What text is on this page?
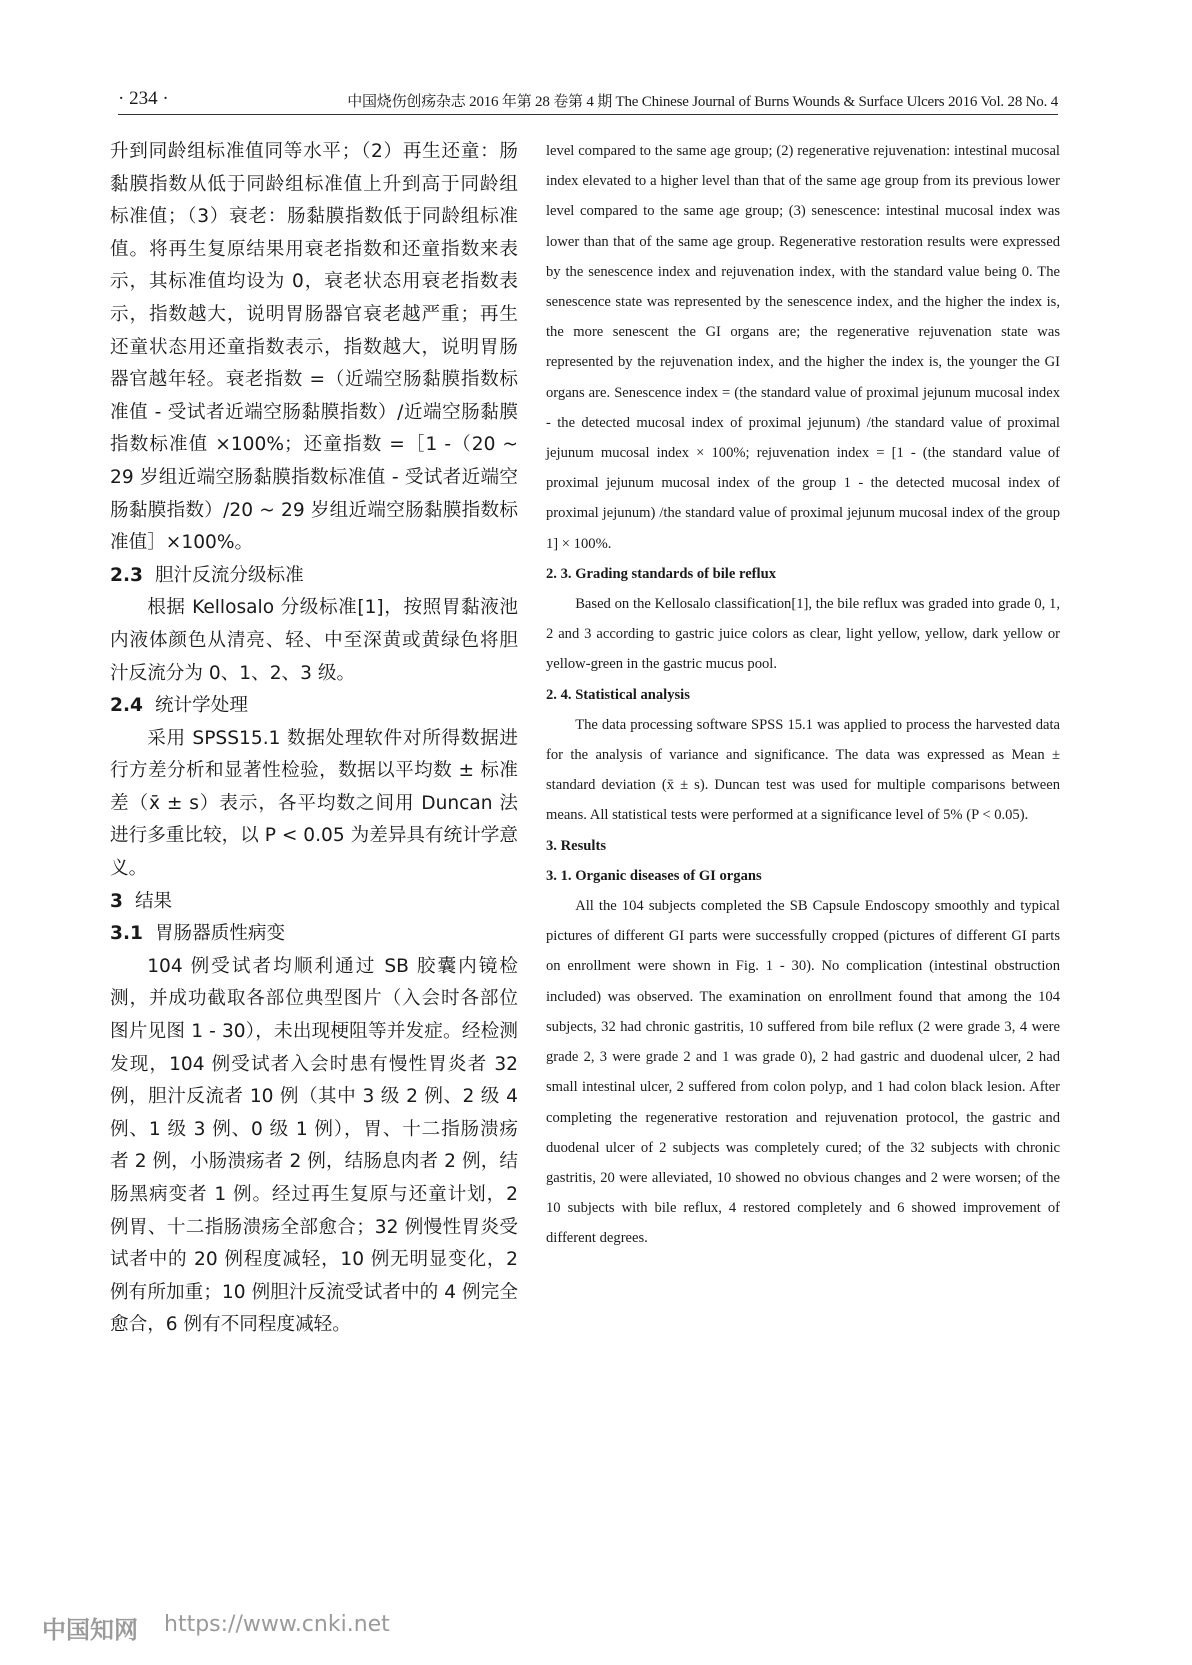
· 234 ·	中国烧伤创疡杂志 2016 年第 28 卷第 4 期 The Chinese Journal of Burns Wounds & Surface Ulcers 2016 Vol. 28 No. 4

升到同龄组标准值同等水平；（2）再生还童：肠黏膜指数从低于同龄组标准值上升到高于同龄组标准值；（3）衰老：肠黏膜指数低于同龄组标准值。将再生复原结果用衰老指数和还童指数来表示，其标准值均设为 0，衰老状态用衰老指数表示，指数越大，说明胃肠器官衰老越严重；再生还童状态用还童指数表示，指数越大，说明胃肠器官越年轻。衰老指数 =（近端空肠黏膜指数标准值 - 受试者近端空肠黏膜指数）/近端空肠黏膜指数标准值 ×100%；还童指数 =［1 -（20 ~ 29 岁组近端空肠黏膜指数标准值 - 受试者近端空肠黏膜指数）/20 ~ 29 岁组近端空肠黏膜指数标准值］×100%。

2.3 胆汁反流分级标准

根据 Kellosalo 分级标准[1]，按照胃黏液池内液体颜色从清亮、轻、中至深黄或黄绿色将胆汁反流分为 0、1、2、3 级。

2.4 统计学处理

采用 SPSS15.1 数据处理软件对所得数据进行方差分析和显著性检验，数据以平均数 ± 标准差（x̄ ± s）表示，各平均数之间用 Duncan 法进行多重比较，以 P < 0.05 为差异具有统计学意义。

3 结果
3.1 胃肠器质性病变

104 例受试者均顺利通过 SB 胶囊内镜检测，并成功截取各部位典型图片（入会时各部位图片见图 1 - 30），未出现梗阻等并发症。经检测发现，104 例受试者入会时患有慢性胃炎者 32 例，胆汁反流者 10 例（其中 3 级 2 例、2 级 4 例、1 级 3 例、0 级 1 例），胃、十二指肠溃疡者 2 例，小肠溃疡者 2 例，结肠息肉者 2 例，结肠黑病变者 1 例。经过再生复原与还童计划，2 例胃、十二指肠溃疡全部愈合；32 例慢性胃炎受试者中的 20 例程度减轻，10 例无明显变化，2 例有所加重；10 例胆汁反流受试者中的 4 例完全愈合，6 例有不同程度减轻。

level compared to the same age group; (2) regenerative rejuvenation: intestinal mucosal index elevated to a higher level than that of the same age group from its previous lower level compared to the same age group; (3) senescence: intestinal mucosal index was lower than that of the same age group. Regenerative restoration results were expressed by the senescence index and rejuvenation index, with the standard value being 0. The senescence state was represented by the senescence index, and the higher the index is, the more senescent the GI organs are; the regenerative rejuvenation state was represented by the rejuvenation index, and the higher the index is, the younger the GI organs are. Senescence index = (the standard value of proximal jejunum mucosal index - the detected mucosal index of proximal jejunum) /the standard value of proximal jejunum mucosal index × 100%; rejuvenation index = [1 - (the standard value of proximal jejunum mucosal index of the group 1 - the detected mucosal index of proximal jejunum) /the standard value of proximal jejunum mucosal index of the group 1] × 100%.

2. 3. Grading standards of bile reflux

Based on the Kellosalo classification[1], the bile reflux was graded into grade 0, 1, 2 and 3 according to gastric juice colors as clear, light yellow, yellow, dark yellow or yellow-green in the gastric mucus pool.

2. 4. Statistical analysis

The data processing software SPSS 15.1 was applied to process the harvested data for the analysis of variance and significance. The data was expressed as Mean ± standard deviation (x̄ ± s). Duncan test was used for multiple comparisons between means. All statistical tests were performed at a significance level of 5% (P < 0.05).

3. Results
3. 1. Organic diseases of GI organs

All the 104 subjects completed the SB Capsule Endoscopy smoothly and typical pictures of different GI parts were successfully cropped (pictures of different GI parts on enrollment were shown in Fig. 1 - 30). No complication (intestinal obstruction included) was observed. The examination on enrollment found that among the 104 subjects, 32 had chronic gastritis, 10 suffered from bile reflux (2 were grade 3, 4 were grade 2, 3 were grade 2 and 1 was grade 0), 2 had gastric and duodenal ulcer, 2 had small intestinal ulcer, 2 suffered from colon polyp, and 1 had colon black lesion. After completing the regenerative restoration and rejuvenation protocol, the gastric and duodenal ulcer of 2 subjects was completely cured; of the 32 subjects with chronic gastritis, 20 were alleviated, 10 showed no obvious changes and 2 were worsen; of the 10 subjects with bile reflux, 4 restored completely and 6 showed improvement of different degrees.

中国知网 https://www.cnki.net
